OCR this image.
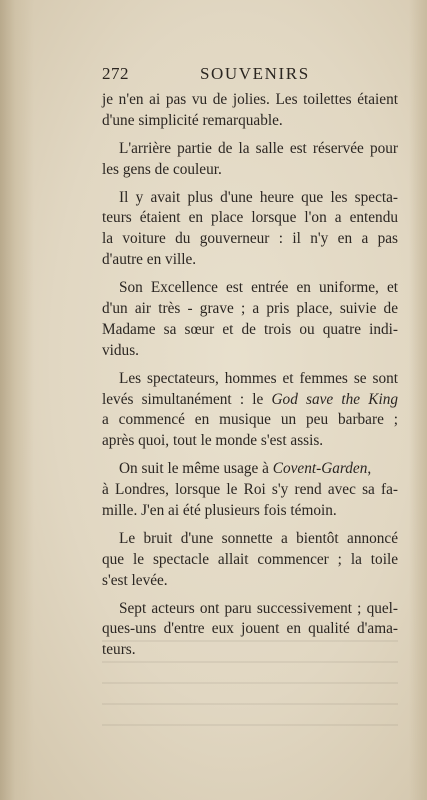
272	SOUVENIRS
je n'en ai pas vu de jolies. Les toilettes étaient
d'une simplicité remarquable.
L'arrière partie de la salle est réservée pour
les gens de couleur.
Il y avait plus d'une heure que les specta-
teurs étaient en place lorsque l'on a entendu
la voiture du gouverneur : il n'y en a pas
d'autre en ville.
Son Excellence est entrée en uniforme, et
d'un air très - grave ; a pris place, suivie de
Madame sa sœur et de trois ou quatre indi-
vidus.
Les spectateurs, hommes et femmes se sont
levés simultanément : le God save the King
a commencé en musique un peu barbare ;
après quoi, tout le monde s'est assis.
On suit le même usage à Covent-Garden,
à Londres, lorsque le Roi s'y rend avec sa fa-
mille. J'en ai été plusieurs fois témoin.
Le bruit d'une sonnette a bientôt annoncé
que le spectacle allait commencer ; la toile
s'est levée.
Sept acteurs ont paru successivement ; quel-
ques-uns d'entre eux jouent en qualité d'ama-
teurs.
